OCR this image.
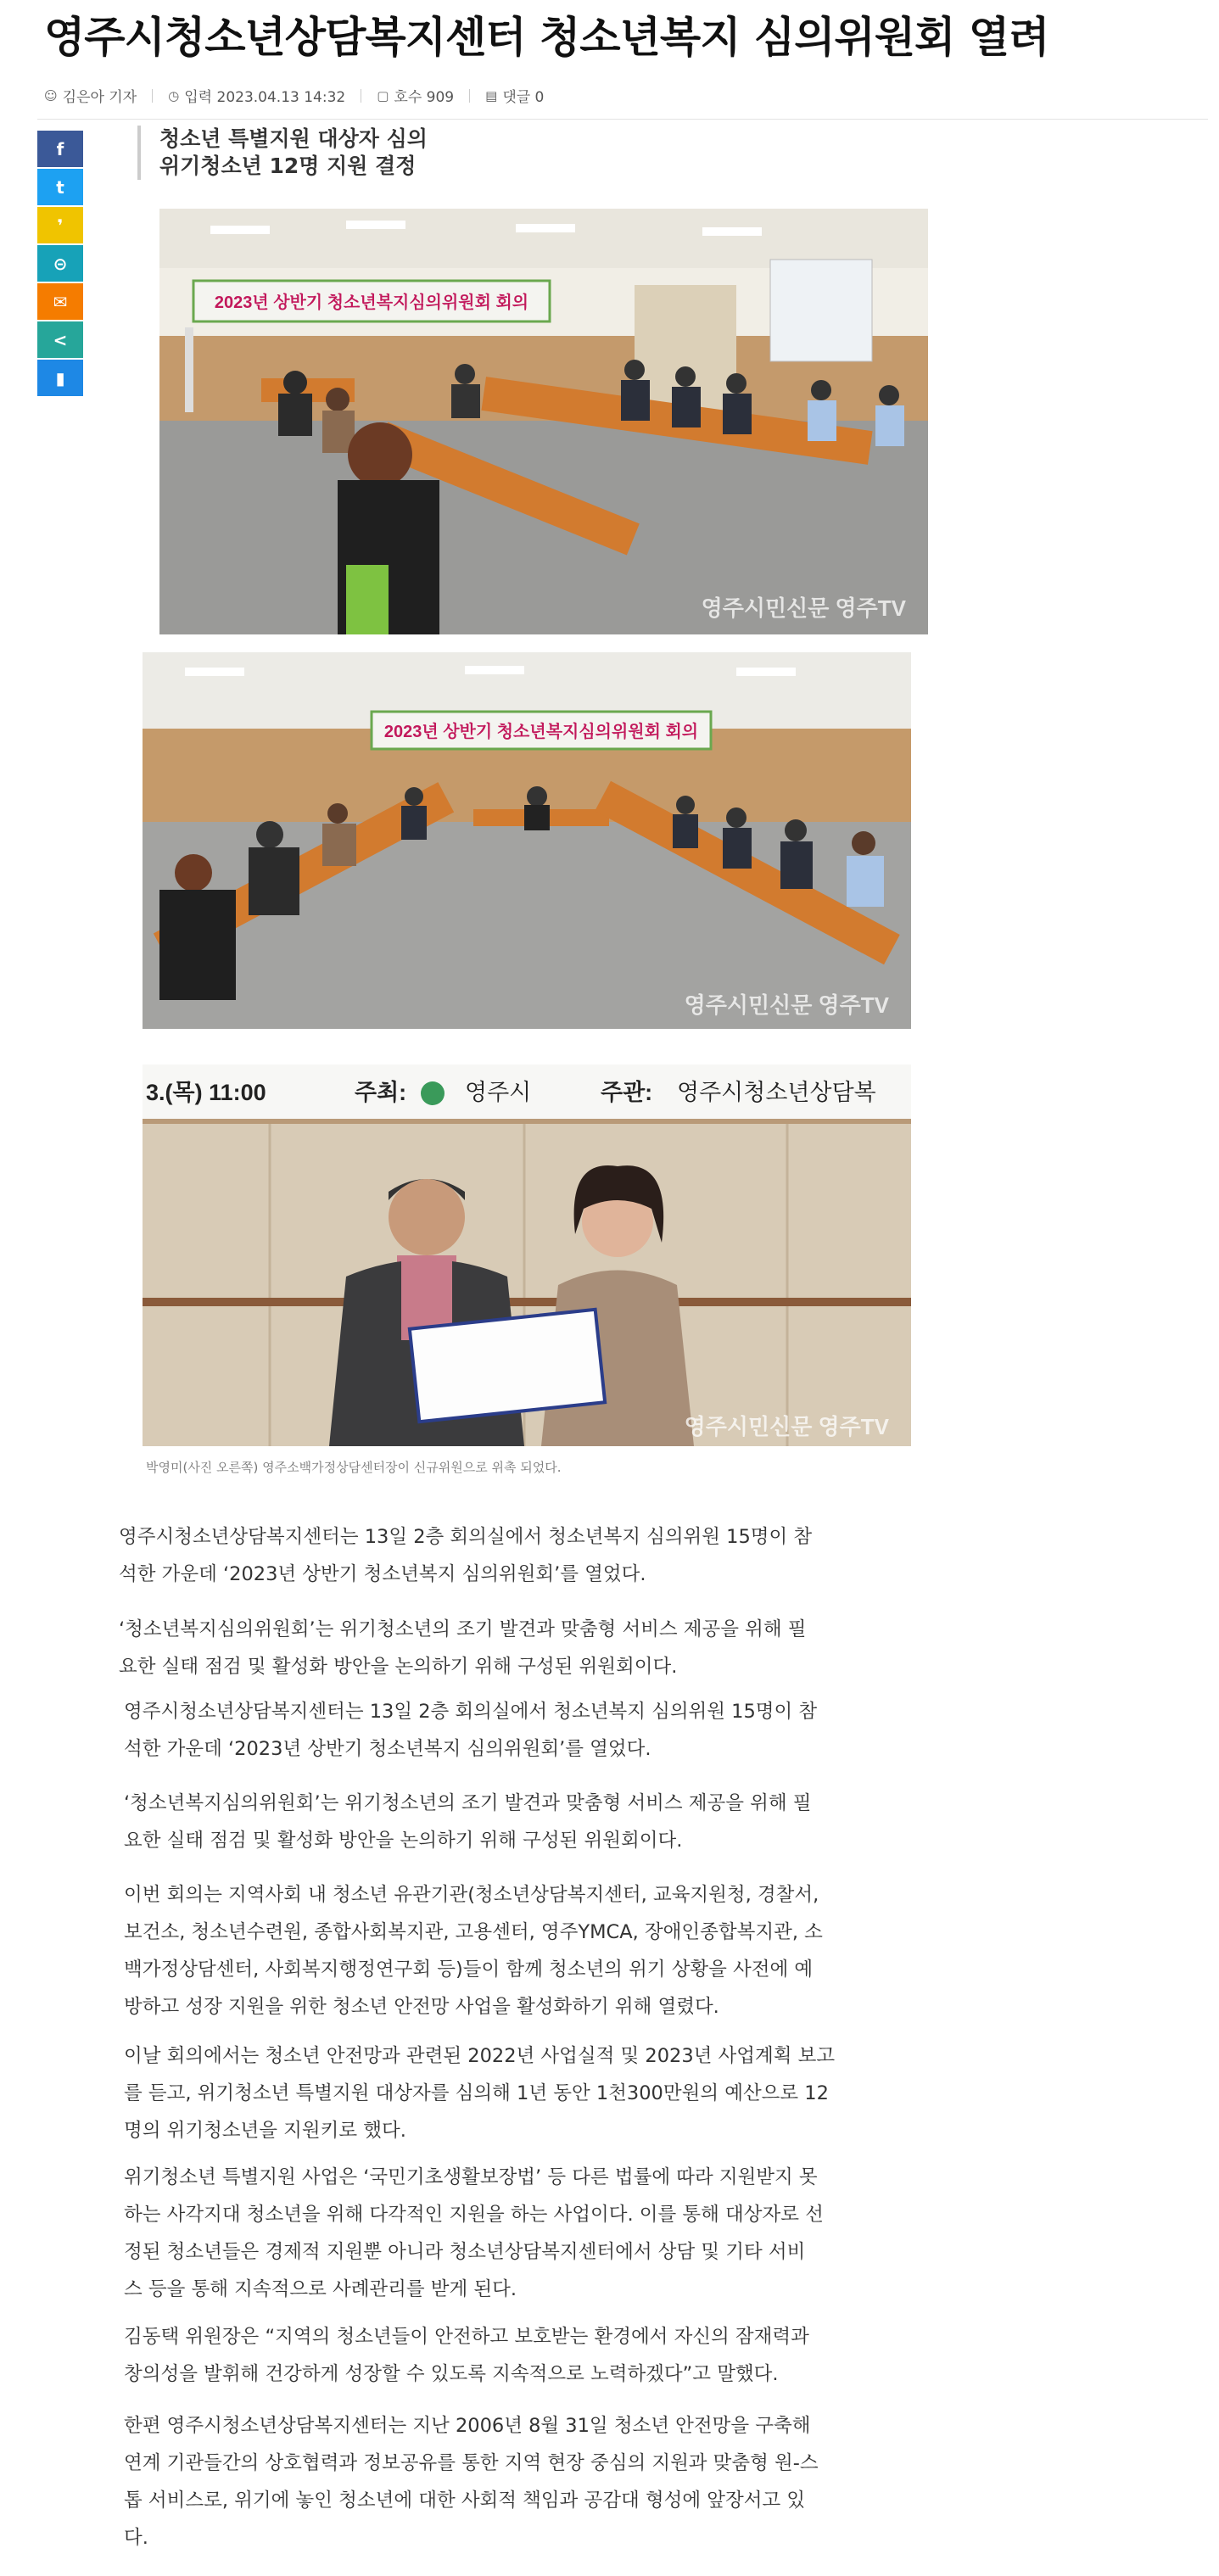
영주시청소년상담복지센터 청소년복지 심의위원회 열려
☺ 김은아 기자 ◷ 입력 2023.04.13 14:32 ▢ 호수 909 ▤ 댓글 0
f
t
❜
⊝
✉
<
▮
청소년 특별지원 대상자 심의
위기청소년 12명 지원 결정
2023년 상반기 청소년복지심의위원회 회의
영주시민신문 영주TV
2023년 상반기 청소년복지심의위원회 회의
영주시민신문 영주TV
3.(목) 11:00	주최:	영주시	주관: 영주시청소년상담복
영주시민신문 영주TV
박영미(사진 오른쪽) 영주소백가정상담센터장이 신규위원으로 위촉 되었다.
영주시청소년상담복지센터는 13일 2층 회의실에서 청소년복지 심의위원 15명이 참
석한 가운데 ‘2023년 상반기 청소년복지 심의위원회’를 열었다.
‘청소년복지심의위원회’는 위기청소년의 조기 발견과 맞춤형 서비스 제공을 위해 필
요한 실태 점검 및 활성화 방안을 논의하기 위해 구성된 위원회이다.
영주시청소년상담복지센터는 13일 2층 회의실에서 청소년복지 심의위원 15명이 참
석한 가운데 ‘2023년 상반기 청소년복지 심의위원회’를 열었다.
‘청소년복지심의위원회’는 위기청소년의 조기 발견과 맞춤형 서비스 제공을 위해 필
요한 실태 점검 및 활성화 방안을 논의하기 위해 구성된 위원회이다.
이번 회의는 지역사회 내 청소년 유관기관(청소년상담복지센터, 교육지원청, 경찰서,
보건소, 청소년수련원, 종합사회복지관, 고용센터, 영주YMCA, 장애인종합복지관, 소
백가정상담센터, 사회복지행정연구회 등)들이 함께 청소년의 위기 상황을 사전에 예
방하고 성장 지원을 위한 청소년 안전망 사업을 활성화하기 위해 열렸다.
이날 회의에서는 청소년 안전망과 관련된 2022년 사업실적 및 2023년 사업계획 보고
를 듣고, 위기청소년 특별지원 대상자를 심의해 1년 동안 1천300만원의 예산으로 12
명의 위기청소년을 지원키로 했다.
위기청소년 특별지원 사업은 ‘국민기초생활보장법’ 등 다른 법률에 따라 지원받지 못
하는 사각지대 청소년을 위해 다각적인 지원을 하는 사업이다. 이를 통해 대상자로 선
정된 청소년들은 경제적 지원뿐 아니라 청소년상담복지센터에서 상담 및 기타 서비
스 등을 통해 지속적으로 사례관리를 받게 된다.
김동택 위원장은 “지역의 청소년들이 안전하고 보호받는 환경에서 자신의 잠재력과
창의성을 발휘해 건강하게 성장할 수 있도록 지속적으로 노력하겠다”고 말했다.
한편 영주시청소년상담복지센터는 지난 2006년 8월 31일 청소년 안전망을 구축해
연계 기관들간의 상호협력과 정보공유를 통한 지역 현장 중심의 지원과 맞춤형 원-스
톱 서비스로, 위기에 놓인 청소년에 대한 사회적 책임과 공감대 형성에 앞장서고 있
다.
